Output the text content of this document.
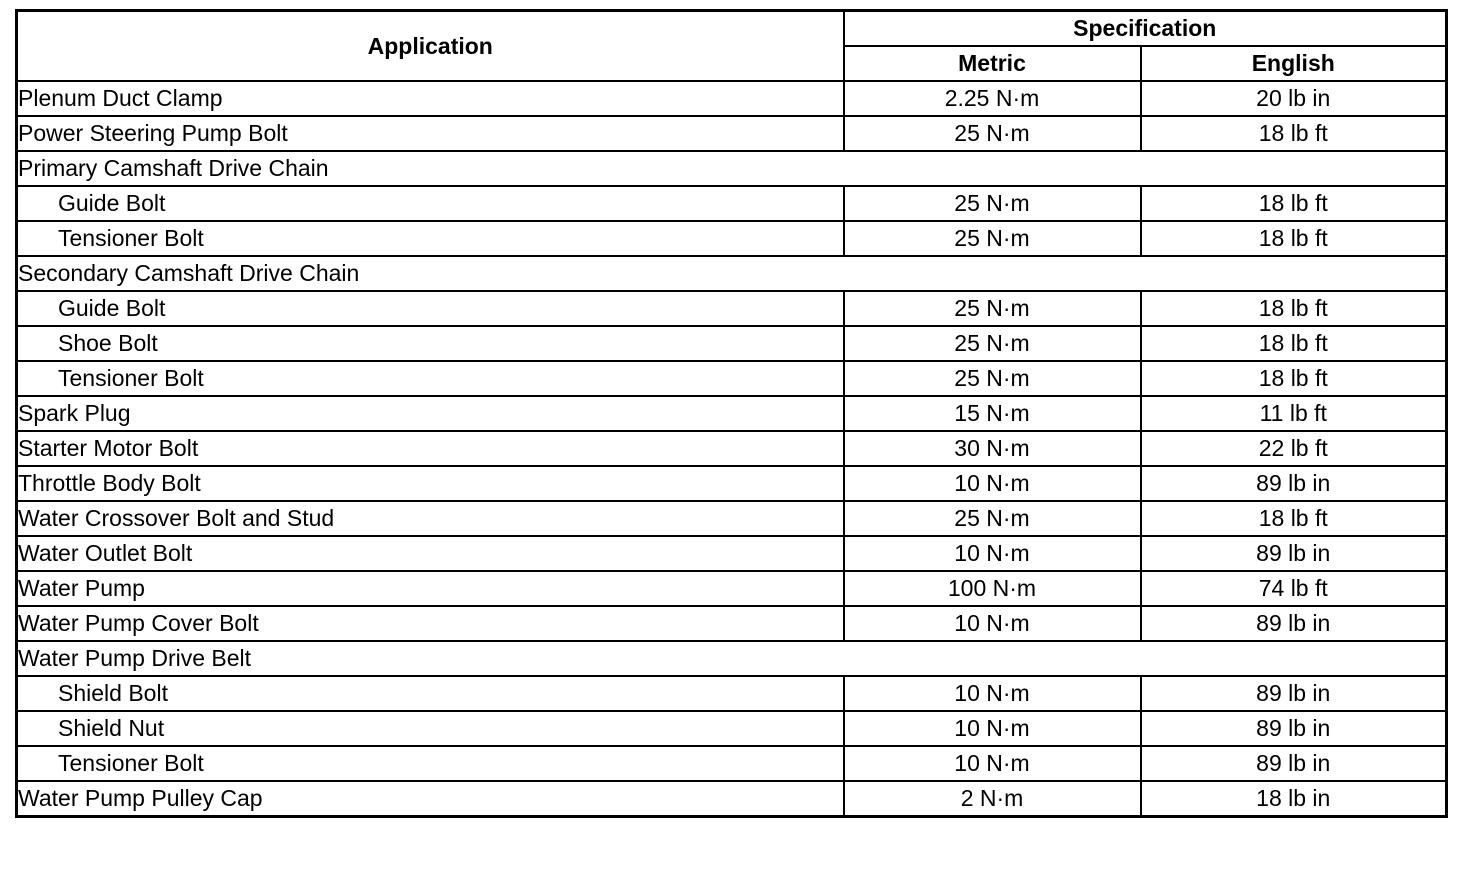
Application	Specification	
	Metric	English
Plenum Duct Clamp	2.25 N·m	20 lb in
Power Steering Pump Bolt	25 N·m	18 lb ft
Primary Camshaft Drive Chain		
Guide Bolt	25 N·m	18 lb ft
Tensioner Bolt	25 N·m	18 lb ft
Secondary Camshaft Drive Chain		
Guide Bolt	25 N·m	18 lb ft
Shoe Bolt	25 N·m	18 lb ft
Tensioner Bolt	25 N·m	18 lb ft
Spark Plug	15 N·m	11 lb ft
Starter Motor Bolt	30 N·m	22 lb ft
Throttle Body Bolt	10 N·m	89 lb in
Water Crossover Bolt and Stud	25 N·m	18 lb ft
Water Outlet Bolt	10 N·m	89 lb in
Water Pump	100 N·m	74 lb ft
Water Pump Cover Bolt	10 N·m	89 lb in
Water Pump Drive Belt		
Shield Bolt	10 N·m	89 lb in
Shield Nut	10 N·m	89 lb in
Tensioner Bolt	10 N·m	89 lb in
Water Pump Pulley Cap	2 N·m	18 lb in
